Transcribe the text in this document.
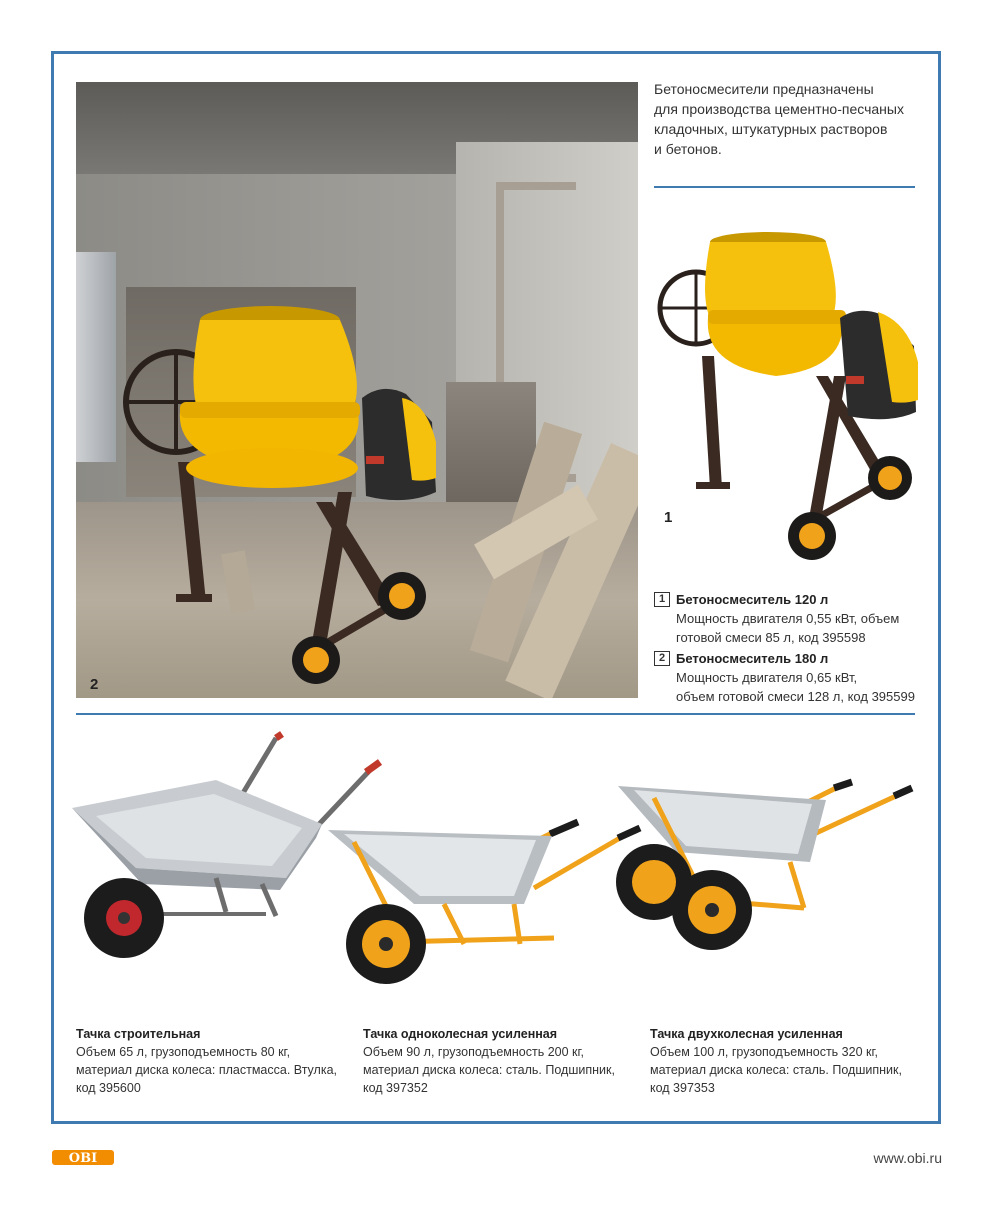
2
Бетоносмесители предназначены
для производства цементно-песчаных
кладочных, штукатурных растворов
и бетонов.
1
1 Бетоносмеситель 120 л
Мощность двигателя 0,55 кВт, объем
готовой смеси 85 л, код 395598
2 Бетоносмеситель 180 л
Мощность двигателя 0,65 кВт,
объем готовой смеси 128 л, код 395599
Тачка строительная
Объем 65 л, грузоподъемность 80 кг,
материал диска колеса: пластмасса. Втулка,
код 395600
Тачка одноколесная усиленная
Объем 90 л, грузоподъемность 200 кг,
материал диска колеса: сталь. Подшипник,
код 397352
Тачка двухколесная усиленная
Объем 100 л, грузоподъемность 320 кг,
материал диска колеса: сталь. Подшипник,
код 397353
OBI	www.obi.ru
